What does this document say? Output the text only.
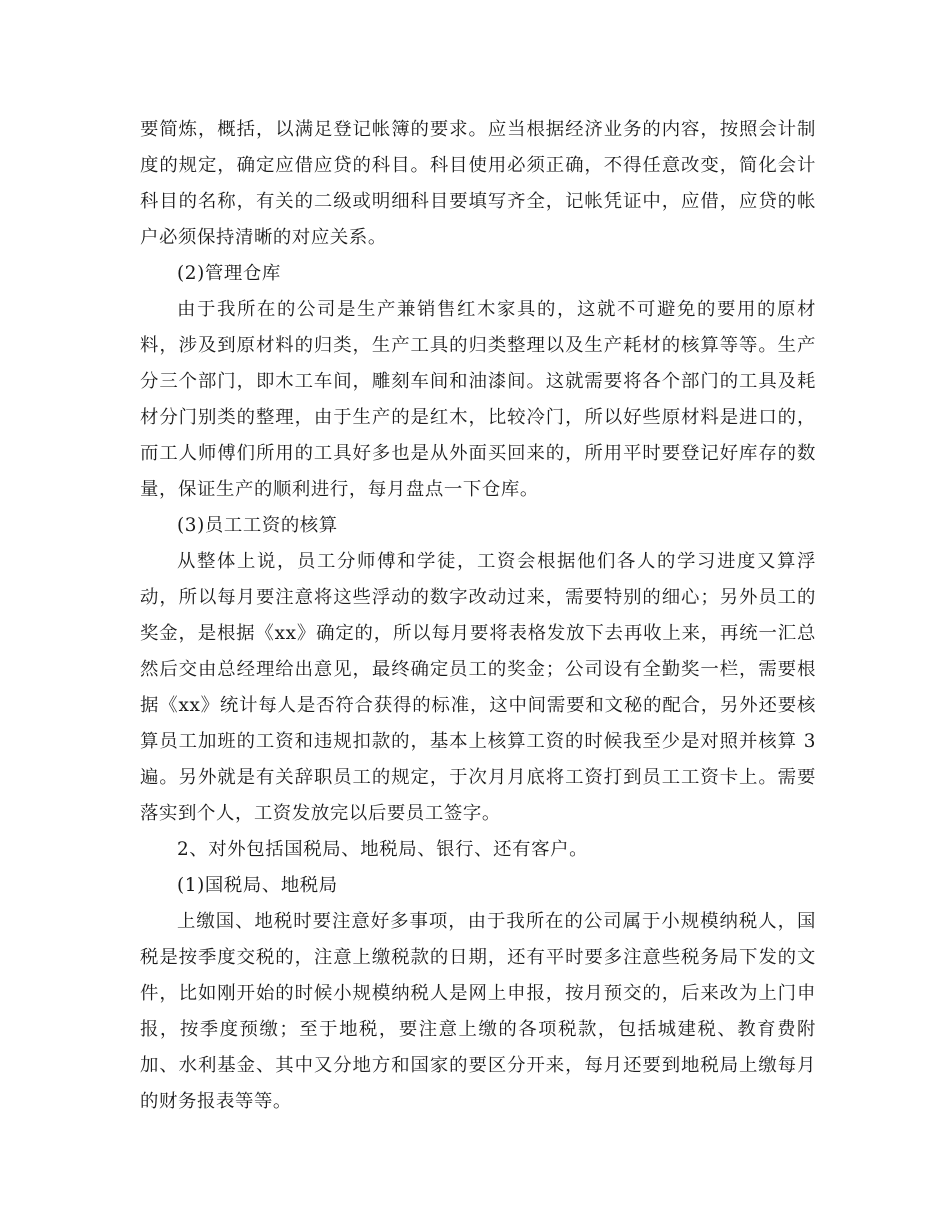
要简炼，概括，以满足登记帐簿的要求。应当根据经济业务的内容，按照会计制度的规定，确定应借应贷的科目。科目使用必须正确，不得任意改变，简化会计科目的名称，有关的二级或明细科目要填写齐全，记帐凭证中，应借，应贷的帐户必须保持清晰的对应关系。

(2)管理仓库

由于我所在的公司是生产兼销售红木家具的，这就不可避免的要用的原材料，涉及到原材料的归类，生产工具的归类整理以及生产耗材的核算等等。生产分三个部门，即木工车间，雕刻车间和油漆间。这就需要将各个部门的工具及耗材分门别类的整理，由于生产的是红木，比较冷门，所以好些原材料是进口的，而工人师傅们所用的工具好多也是从外面买回来的，所用平时要登记好库存的数量，保证生产的顺利进行，每月盘点一下仓库。

(3)员工工资的核算

从整体上说，员工分师傅和学徒，工资会根据他们各人的学习进度又算浮动，所以每月要注意将这些浮动的数字改动过来，需要特别的细心；另外员工的奖金，是根据《xx》确定的，所以每月要将表格发放下去再收上来，再统一汇总然后交由总经理给出意见，最终确定员工的奖金；公司设有全勤奖一栏，需要根据《xx》统计每人是否符合获得的标准，这中间需要和文秘的配合，另外还要核算员工加班的工资和违规扣款的，基本上核算工资的时候我至少是对照并核算 3 遍。另外就是有关辞职员工的规定，于次月月底将工资打到员工工资卡上。需要落实到个人，工资发放完以后要员工签字。

2、对外包括国税局、地税局、银行、还有客户。

(1)国税局、地税局

上缴国、地税时要注意好多事项，由于我所在的公司属于小规模纳税人，国税是按季度交税的，注意上缴税款的日期，还有平时要多注意些税务局下发的文件，比如刚开始的时候小规模纳税人是网上申报，按月预交的，后来改为上门申报，按季度预缴；至于地税，要注意上缴的各项税款，包括城建税、教育费附加、水利基金、其中又分地方和国家的要区分开来，每月还要到地税局上缴每月的财务报表等等。
